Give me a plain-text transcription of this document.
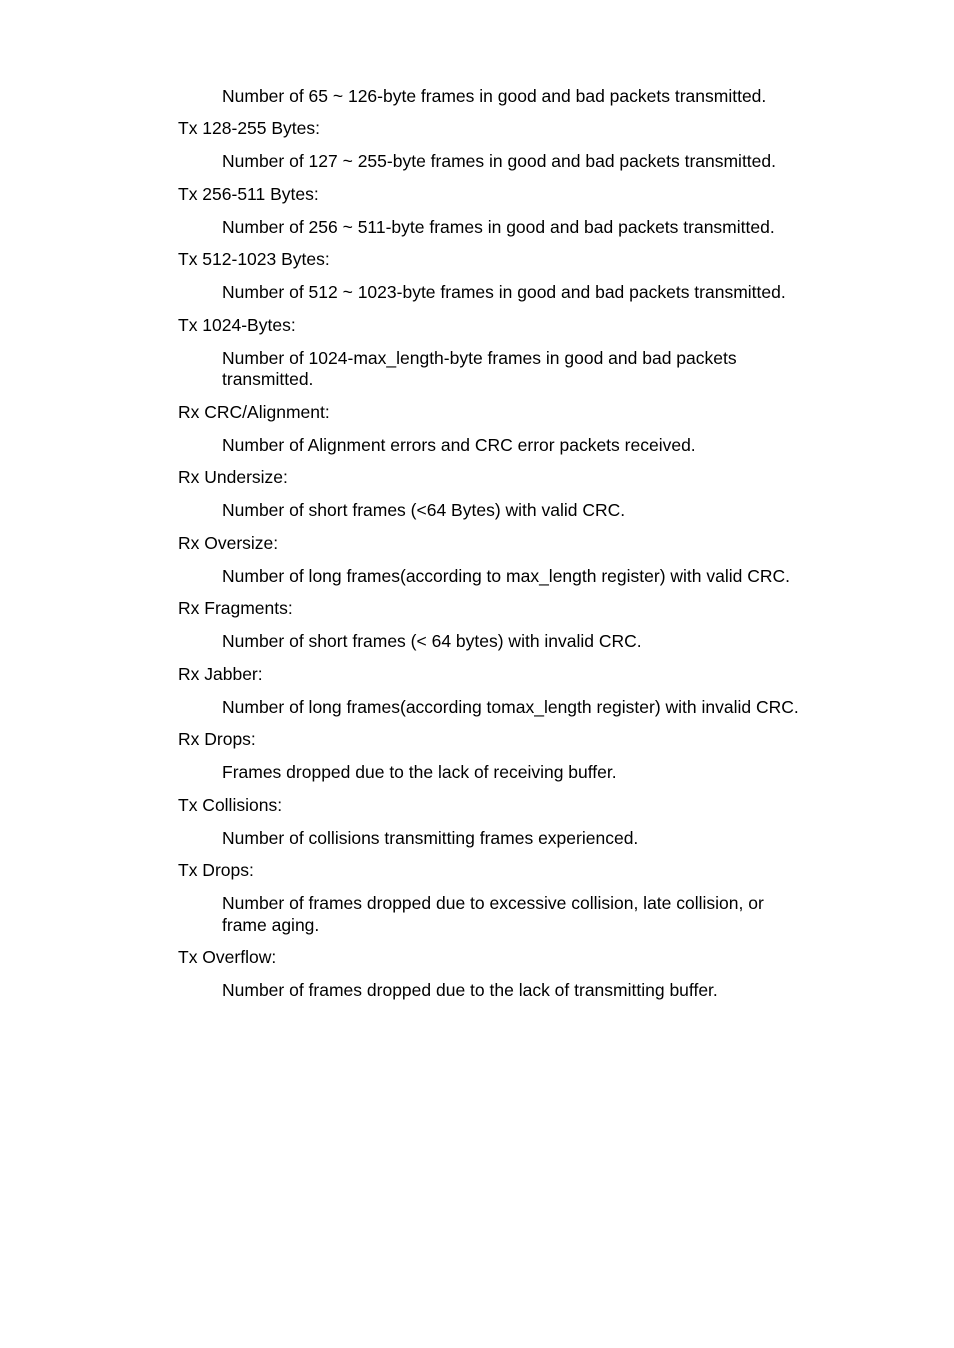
Number of 65 ~ 126-byte frames in good and bad packets transmitted.

Tx 128-255 Bytes:
Number of 127 ~ 255-byte frames in good and bad packets transmitted.
Tx 256-511 Bytes:
Number of 256 ~ 511-byte frames in good and bad packets transmitted.
Tx 512-1023 Bytes:
Number of 512 ~ 1023-byte frames in good and bad packets transmitted.
Tx 1024-Bytes:
Number of 1024-max_length-byte frames in good and bad packets transmitted.
Rx CRC/Alignment:
Number of Alignment errors and CRC error packets received.
Rx Undersize:
Number of short frames (<64 Bytes) with valid CRC.
Rx Oversize:
Number of long frames(according to max_length register) with valid CRC.
Rx Fragments:
Number of short frames (< 64 bytes) with invalid CRC.
Rx Jabber:
Number of long frames(according tomax_length register) with invalid CRC.
Rx Drops:
Frames dropped due to the lack of receiving buffer.
Tx Collisions:
Number of collisions transmitting frames experienced.
Tx Drops:
Number of frames dropped due to excessive collision, late collision, or frame aging.
Tx Overflow:
Number of frames dropped due to the lack of transmitting buffer.
